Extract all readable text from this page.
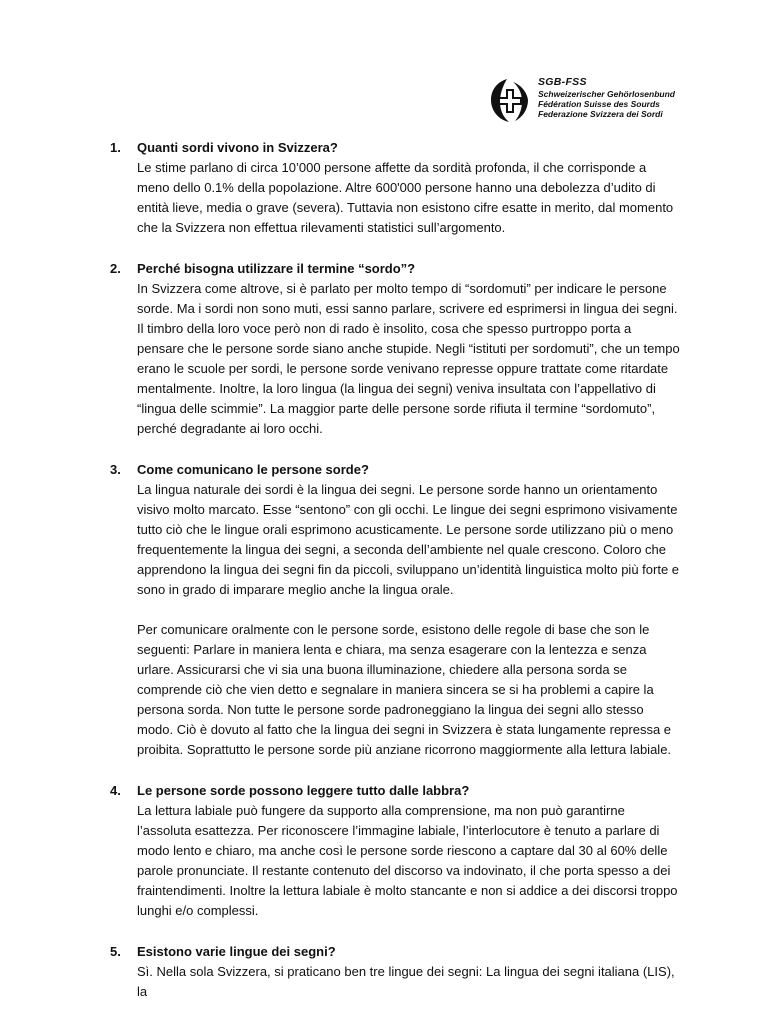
SGB-FSS
Schweizerischer Gehörlosenbund
Fédération Suisse des Sourds
Federazione Svizzera dei Sordi
1. Quanti sordi vivono in Svizzera?

Le stime parlano di circa 10’000 persone affette da sordità profonda, il che corrisponde a meno dello 0.1% della popolazione. Altre 600'000 persone hanno una debolezza d’udito di entità lieve, media o grave (severa). Tuttavia non esistono cifre esatte in merito, dal momento che la Svizzera non effettua rilevamenti statistici sull’argomento.

2. Perché bisogna utilizzare il termine “sordo”?

In Svizzera come altrove, si è parlato per molto tempo di “sordomuti” per indicare le persone sorde. Ma i sordi non sono muti, essi sanno parlare, scrivere ed esprimersi in lingua dei segni. Il timbro della loro voce però non di rado è insolito, cosa che spesso purtroppo porta a pensare che le persone sorde siano anche stupide. Negli “istituti per sordomuti”, che un tempo erano le scuole per sordi, le persone sorde venivano represse oppure trattate come ritardate mentalmente. Inoltre, la loro lingua (la lingua dei segni) veniva insultata con l’appellativo di “lingua delle scimmie”. La maggior parte delle persone sorde rifiuta il termine “sordomuto”, perché degradante ai loro occhi.

3. Come comunicano le persone sorde?

La lingua naturale dei sordi è la lingua dei segni. Le persone sorde hanno un orientamento visivo molto marcato. Esse “sentono” con gli occhi. Le lingue dei segni esprimono visivamente tutto ciò che le lingue orali esprimono acusticamente. Le persone sorde utilizzano più o meno frequentemente la lingua dei segni, a seconda dell’ambiente nel quale crescono. Coloro che apprendono la lingua dei segni fin da piccoli, sviluppano un’identità linguistica molto più forte e sono in grado di imparare meglio anche la lingua orale.

Per comunicare oralmente con le persone sorde, esistono delle regole di base che son le seguenti: Parlare in maniera lenta e chiara, ma senza esagerare con la lentezza e senza urlare. Assicurarsi che vi sia una buona illuminazione, chiedere alla persona sorda se comprende ciò che vien detto e segnalare in maniera sincera se si ha problemi a capire la persona sorda. Non tutte le persone sorde padroneggiano la lingua dei segni allo stesso modo. Ciò è dovuto al fatto che la lingua dei segni in Svizzera è stata lungamente repressa e proibita. Soprattutto le persone sorde più anziane ricorrono maggiormente alla lettura labiale.

4. Le persone sorde possono leggere tutto dalle labbra?

La lettura labiale può fungere da supporto alla comprensione, ma non può garantirne l’assoluta esattezza. Per riconoscere l’immagine labiale, l’interlocutore è tenuto a parlare di modo lento e chiaro, ma anche così le persone sorde riescono a captare dal 30 al 60% delle parole pronunciate. Il restante contenuto del discorso va indovinato, il che porta spesso a dei fraintendimenti. Inoltre la lettura labiale è molto stancante e non si addice a dei discorsi troppo lunghi e/o complessi.

5. Esistono varie lingue dei segni?

Sì. Nella sola Svizzera, si praticano ben tre lingue dei segni: La lingua dei segni italiana (LIS), la
